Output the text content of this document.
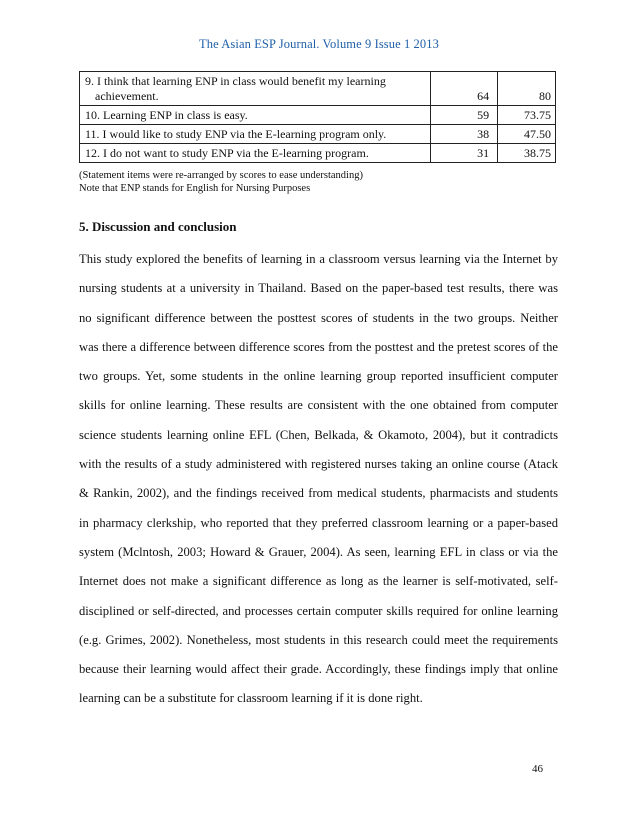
The Asian ESP Journal. Volume 9 Issue 1 2013
9. I think that learning ENP in class would benefit my learning
achievement.	64	80
10. Learning ENP in class is easy.	59	73.75
11. I would like to study ENP via the E-learning program only.	38	47.50
12. I do not want to study ENP via the E-learning program.	31	38.75
(Statement items were re-arranged by scores to ease understanding)
Note that ENP stands for English for Nursing Purposes
5. Discussion and conclusion
This study explored the benefits of learning in a classroom versus learning via the Internet by
nursing students at a university in Thailand. Based on the paper-based test results, there was
no significant difference between the posttest scores of students in the two groups. Neither
was there a difference between difference scores from the posttest and the pretest scores of the
two groups. Yet, some students in the online learning group reported insufficient computer
skills for online learning. These results are consistent with the one obtained from computer
science students learning online EFL (Chen, Belkada, & Okamoto, 2004), but it contradicts
with the results of a study administered with registered nurses taking an online course (Atack
& Rankin, 2002), and the findings received from medical students, pharmacists and students
in pharmacy clerkship, who reported that they preferred classroom learning or a paper-based
system (Mclntosh, 2003; Howard & Grauer, 2004). As seen, learning EFL in class or via the
Internet does not make a significant difference as long as the learner is self-motivated, self-
disciplined or self-directed, and processes certain computer skills required for online learning
(e.g. Grimes, 2002). Nonetheless, most students in this research could meet the requirements
because their learning would affect their grade. Accordingly, these findings imply that online
learning can be a substitute for classroom learning if it is done right.
46
